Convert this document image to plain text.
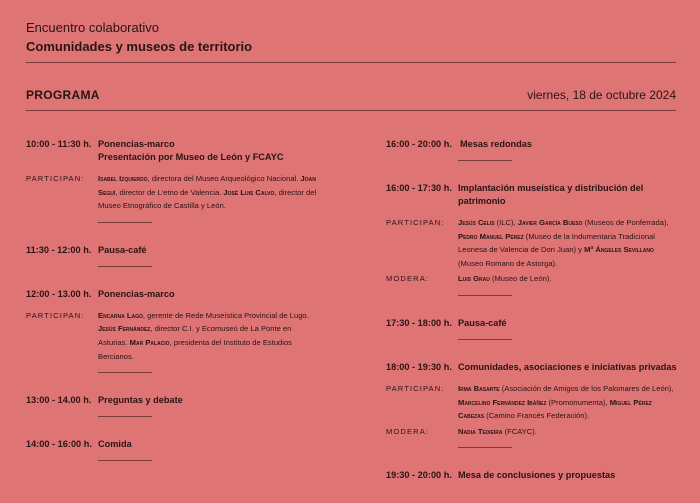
Encuentro colaborativo
Comunidades y museos de territorio
PROGRAMA	viernes, 18 de octubre 2024
10:00 - 11:30 h. Ponencias-marco
Presentación por Museo de León y FCAYC
PARTICIPAN:	Isabel Izquierdo, directora del Museo Arqueológico Nacional. Joan Seguí, director de L'etno de Valencia. José Luis Calvo, director del Museo Etnográfico de Castilla y León.
11:30 - 12:00 h. Pausa-café
12:00 - 13.00 h. Ponencias-marco
PARTICIPAN:	Encarna Lago, gerente de Rede Museística Provincial de Lugo. Jesús Fernández, director C.I. y Ecomuseú de La Ponte en Asturias. Mar Palacio, presidenta del Instituto de Estudios Bercianos.
13:00 - 14.00 h. Preguntas y debate
14:00 - 16:00 h. Comida
16:00 - 20:00 h. Mesas redondas
16:00 - 17:30 h. Implantación museística y distribución del patrimonio
PARTICIPAN:	Jesús Celis (ILC), Javier García Bueso (Museos de Ponferrada), Pedro Manuel Pérez (Museo de la Indumentaria Tradicional Leonesa de Valencia de Don Juan) y Mª Ángeles Sevillano (Museo Romano de Astorga).
MODERA:	Luis Grau (Museo de León).
17:30 - 18:00 h. Pausa-café
18:00 - 19:30 h. Comunidades, asociaciones e iniciativas privadas
PARTICIPAN:	Irma Basarte (Asociación de Amigos de los Palomares de León), Marcelino Fernández Ibáñez (Promonumenta), Miguel Pérez Cabezas (Camino Francés Federación).
MODERA:	Nadia Teixeira (FCAYC).
19:30 - 20:00 h. Mesa de conclusiones y propuestas
